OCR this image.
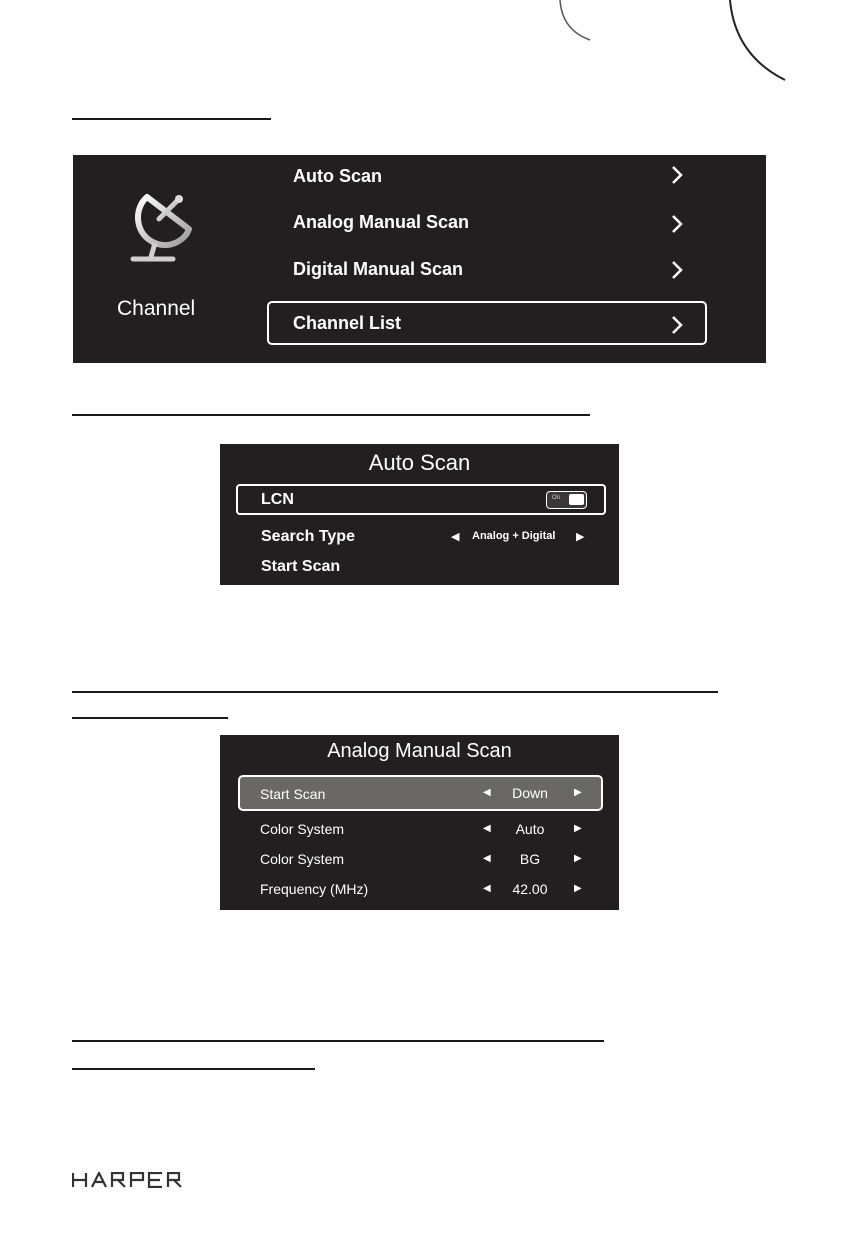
Channel
Auto Scan
Analog Manual Scan
Digital Manual Scan
Channel List
Auto Scan
LCN	On
Search Type	◀ Analog + Digital ▶
Start Scan
Analog Manual Scan
Start Scan	◀	Down	▶
Color System	◀	Auto	▶
Color System	◀	BG	▶
Frequency (MHz)	◀	42.00	▶
HARPER
